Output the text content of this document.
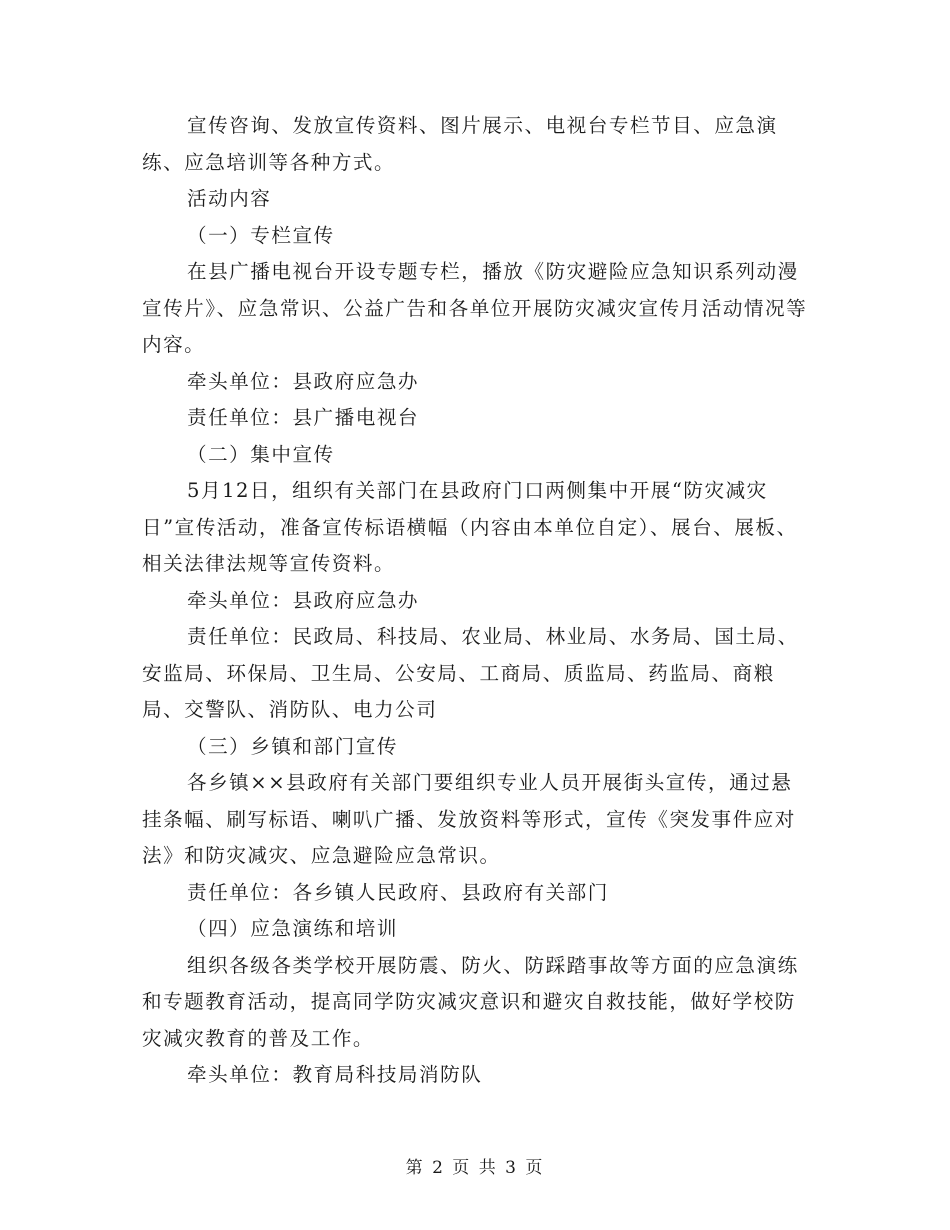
宣传咨询、发放宣传资料、图片展示、电视台专栏节目、应急演练、应急培训等各种方式。

活动内容

（一）专栏宣传

在县广播电视台开设专题专栏，播放《防灾避险应急知识系列动漫宣传片》、应急常识、公益广告和各单位开展防灾减灾宣传月活动情况等内容。

牵头单位：县政府应急办

责任单位：县广播电视台

（二）集中宣传

5月12日，组织有关部门在县政府门口两侧集中开展“防灾减灾日”宣传活动，准备宣传标语横幅（内容由本单位自定）、展台、展板、相关法律法规等宣传资料。

牵头单位：县政府应急办

责任单位：民政局、科技局、农业局、林业局、水务局、国土局、安监局、环保局、卫生局、公安局、工商局、质监局、药监局、商粮局、交警队、消防队、电力公司

（三）乡镇和部门宣传

各乡镇××县政府有关部门要组织专业人员开展街头宣传，通过悬挂条幅、刷写标语、喇叭广播、发放资料等形式，宣传《突发事件应对法》和防灾减灾、应急避险应急常识。

责任单位：各乡镇人民政府、县政府有关部门

（四）应急演练和培训

组织各级各类学校开展防震、防火、防踩踏事故等方面的应急演练和专题教育活动，提高同学防灾减灾意识和避灾自救技能，做好学校防灾减灾教育的普及工作。

牵头单位：教育局科技局消防队

第 2 页 共 3 页
